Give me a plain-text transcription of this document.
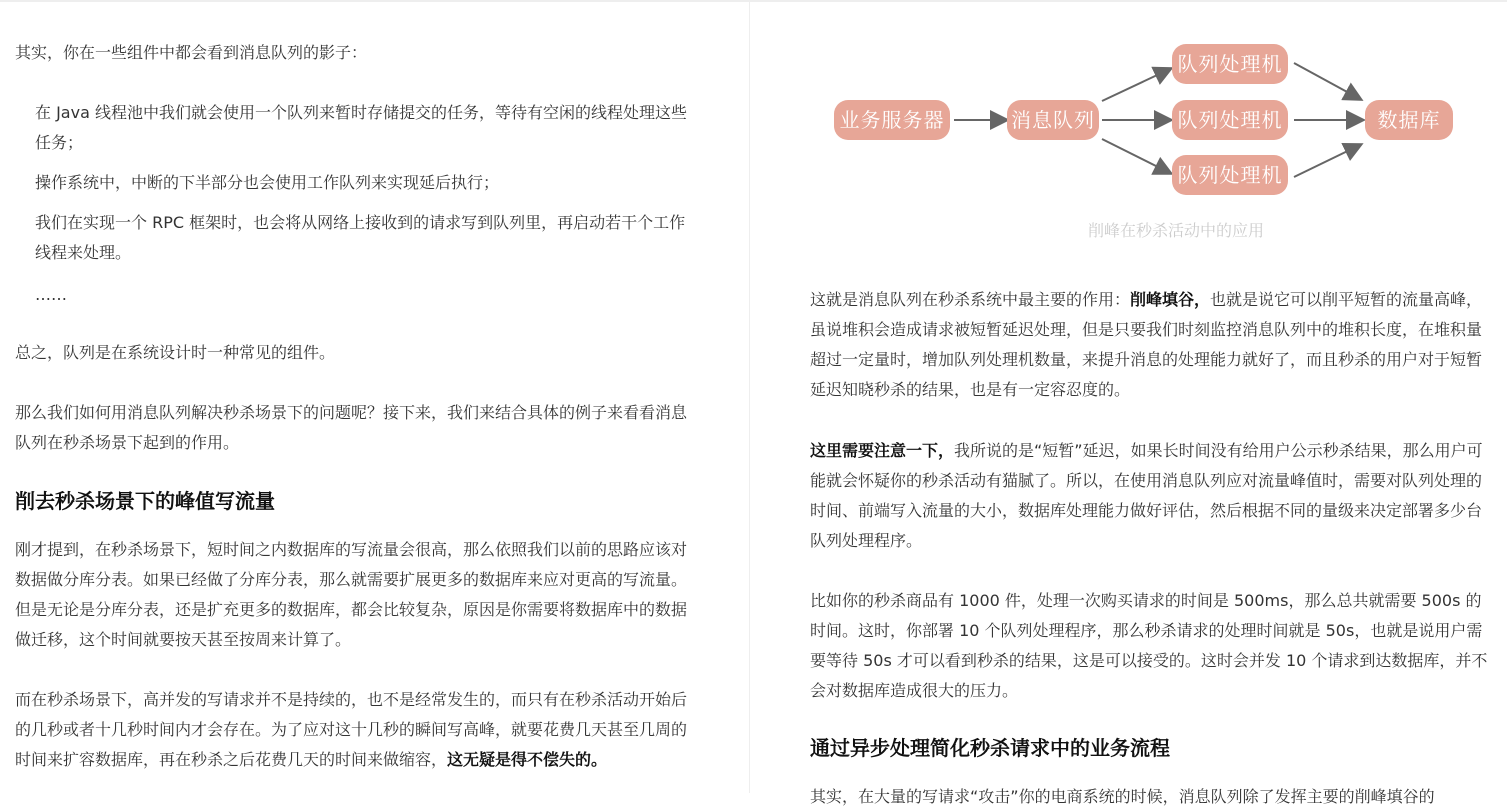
其实，你在一些组件中都会看到消息队列的影子：

在 Java 线程池中我们就会使用一个队列来暂时存储提交的任务，等待有空闲的线程处理这些任务；
操作系统中，中断的下半部分也会使用工作队列来实现延后执行；
我们在实现一个 RPC 框架时，也会将从网络上接收到的请求写到队列里，再启动若干个工作线程来处理。
……

总之，队列是在系统设计时一种常见的组件。

那么我们如何用消息队列解决秒杀场景下的问题呢？接下来，我们来结合具体的例子来看看消息队列在秒杀场景下起到的作用。

削去秒杀场景下的峰值写流量

刚才提到，在秒杀场景下，短时间之内数据库的写流量会很高，那么依照我们以前的思路应该对数据做分库分表。如果已经做了分库分表，那么就需要扩展更多的数据库来应对更高的写流量。但是无论是分库分表，还是扩充更多的数据库，都会比较复杂，原因是你需要将数据库中的数据做迁移，这个时间就要按天甚至按周来计算了。

而在秒杀场景下，高并发的写请求并不是持续的，也不是经常发生的，而只有在秒杀活动开始后的几秒或者十几秒时间内才会存在。为了应对这十几秒的瞬间写高峰，就要花费几天甚至几周的时间来扩容数据库，再在秒杀之后花费几天的时间来做缩容，这无疑是得不偿失的。

业务服务器	消息队列
队列处理机
队列处理机
队列处理机
数据库
削峰在秒杀活动中的应用

这就是消息队列在秒杀系统中最主要的作用：削峰填谷，也就是说它可以削平短暂的流量高峰，虽说堆积会造成请求被短暂延迟处理，但是只要我们时刻监控消息队列中的堆积长度，在堆积量超过一定量时，增加队列处理机数量，来提升消息的处理能力就好了，而且秒杀的用户对于短暂延迟知晓秒杀的结果，也是有一定容忍度的。

这里需要注意一下，我所说的是“短暂”延迟，如果长时间没有给用户公示秒杀结果，那么用户可能就会怀疑你的秒杀活动有猫腻了。所以，在使用消息队列应对流量峰值时，需要对队列处理的时间、前端写入流量的大小，数据库处理能力做好评估，然后根据不同的量级来决定部署多少台队列处理程序。

比如你的秒杀商品有 1000 件，处理一次购买请求的时间是 500ms，那么总共就需要 500s 的时间。这时，你部署 10 个队列处理程序，那么秒杀请求的处理时间就是 50s，也就是说用户需要等待 50s 才可以看到秒杀的结果，这是可以接受的。这时会并发 10 个请求到达数据库，并不会对数据库造成很大的压力。

通过异步处理简化秒杀请求中的业务流程

其实，在大量的写请求“攻击”你的电商系统的时候，消息队列除了发挥主要的削峰填谷的
